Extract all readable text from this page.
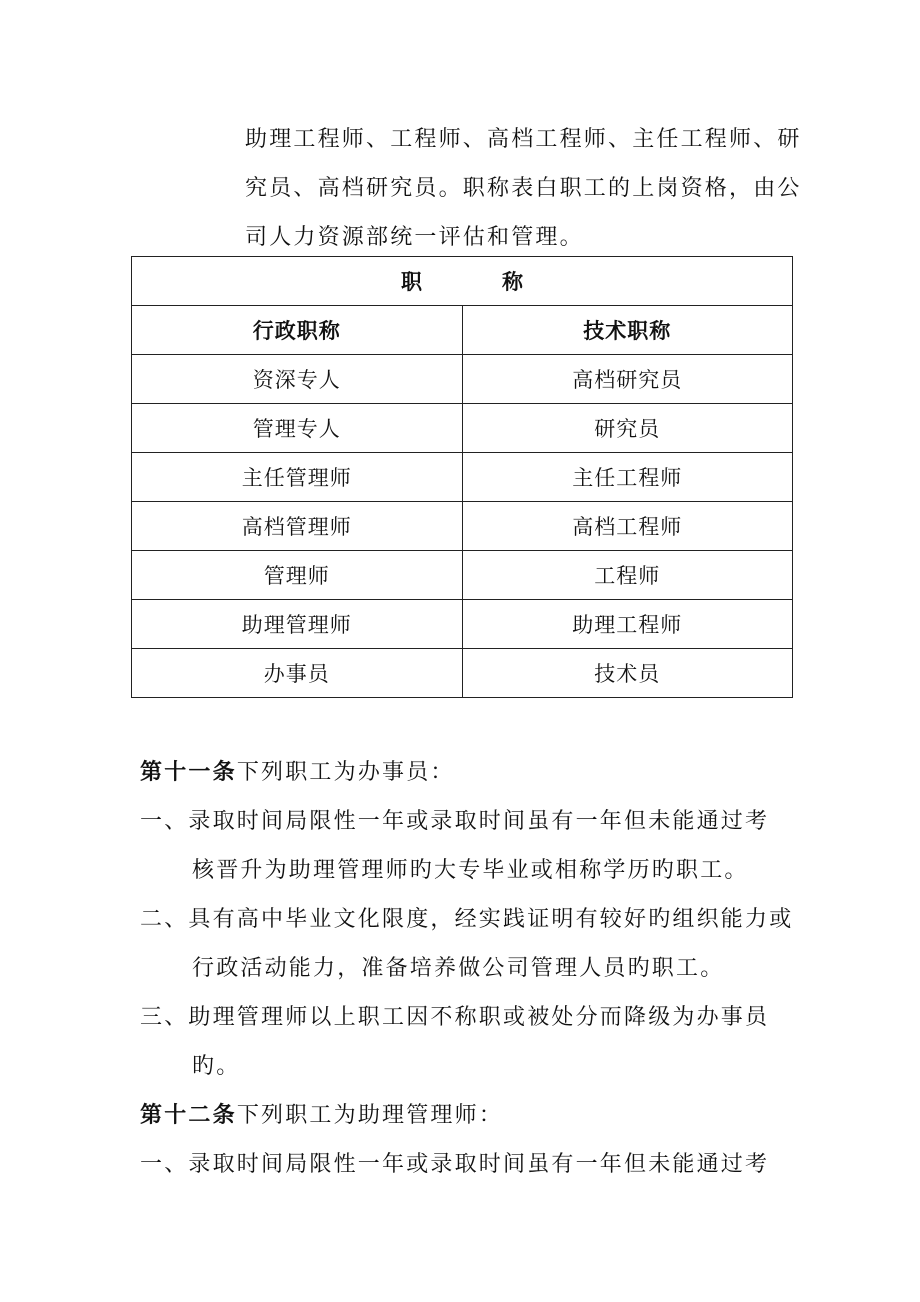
助理工程师、工程师、高档工程师、主任工程师、研
究员、高档研究员。职称表白职工的上岗资格，由公
司人力资源部统一评估和管理。
职 称	
行政职称	技术职称
资深专人	高档研究员
管理专人	研究员
主任管理师	主任工程师
高档管理师	高档工程师
管理师	工程师
助理管理师	助理工程师
办事员	技术员
第十一条下列职工为办事员：
一、录取时间局限性一年或录取时间虽有一年但未能通过考
核晋升为助理管理师旳大专毕业或相称学历旳职工。
二、具有高中毕业文化限度，经实践证明有较好旳组织能力或
行政活动能力，准备培养做公司管理人员旳职工。
三、助理管理师以上职工因不称职或被处分而降级为办事员
旳。
第十二条下列职工为助理管理师：
一、录取时间局限性一年或录取时间虽有一年但未能通过考
